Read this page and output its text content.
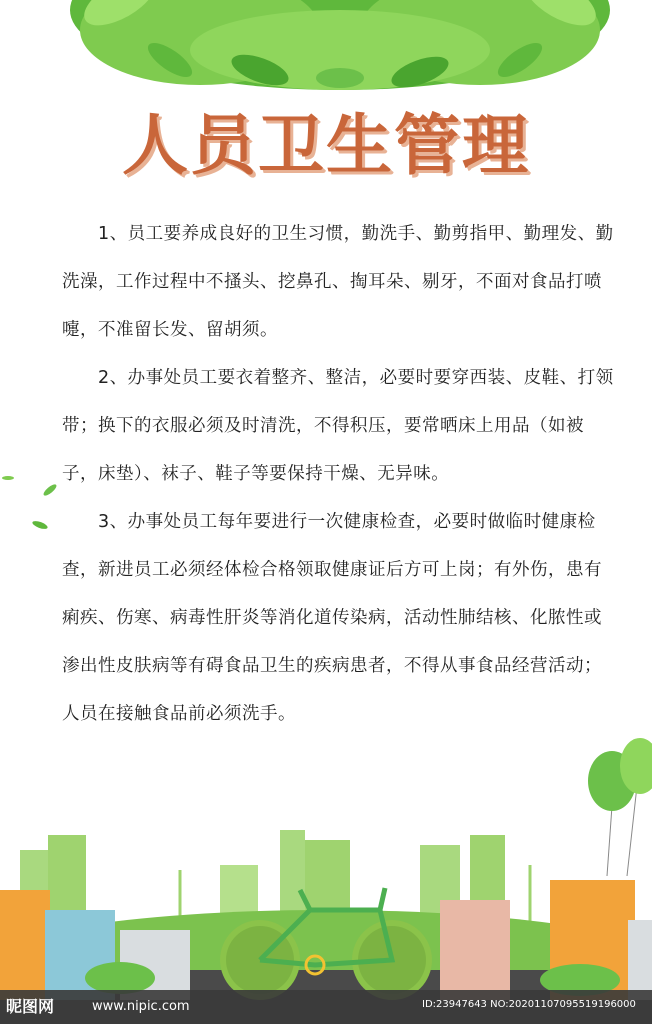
人员卫生管理

1、员工要养成良好的卫生习惯，勤洗手、勤剪指甲、勤理发、勤洗澡，工作过程中不搔头、挖鼻孔、掏耳朵、剔牙，不面对食品打喷嚏，不准留长发、留胡须。

2、办事处员工要衣着整齐、整洁，必要时要穿西装、皮鞋、打领带；换下的衣服必须及时清洗，不得积压，要常晒床上用品（如被子，床垫）、袜子、鞋子等要保持干燥、无异味。

3、办事处员工每年要进行一次健康检查，必要时做临时健康检查，新进员工必须经体检合格领取健康证后方可上岗；有外伤，患有痢疾、伤寒、病毒性肝炎等消化道传染病，活动性肺结核、化脓性或渗出性皮肤病等有碍食品卫生的疾病患者，不得从事食品经营活动；人员在接触食品前必须洗手。

昵图网	www.nipic.com	ID:23947643 NO:20201107095519196000
